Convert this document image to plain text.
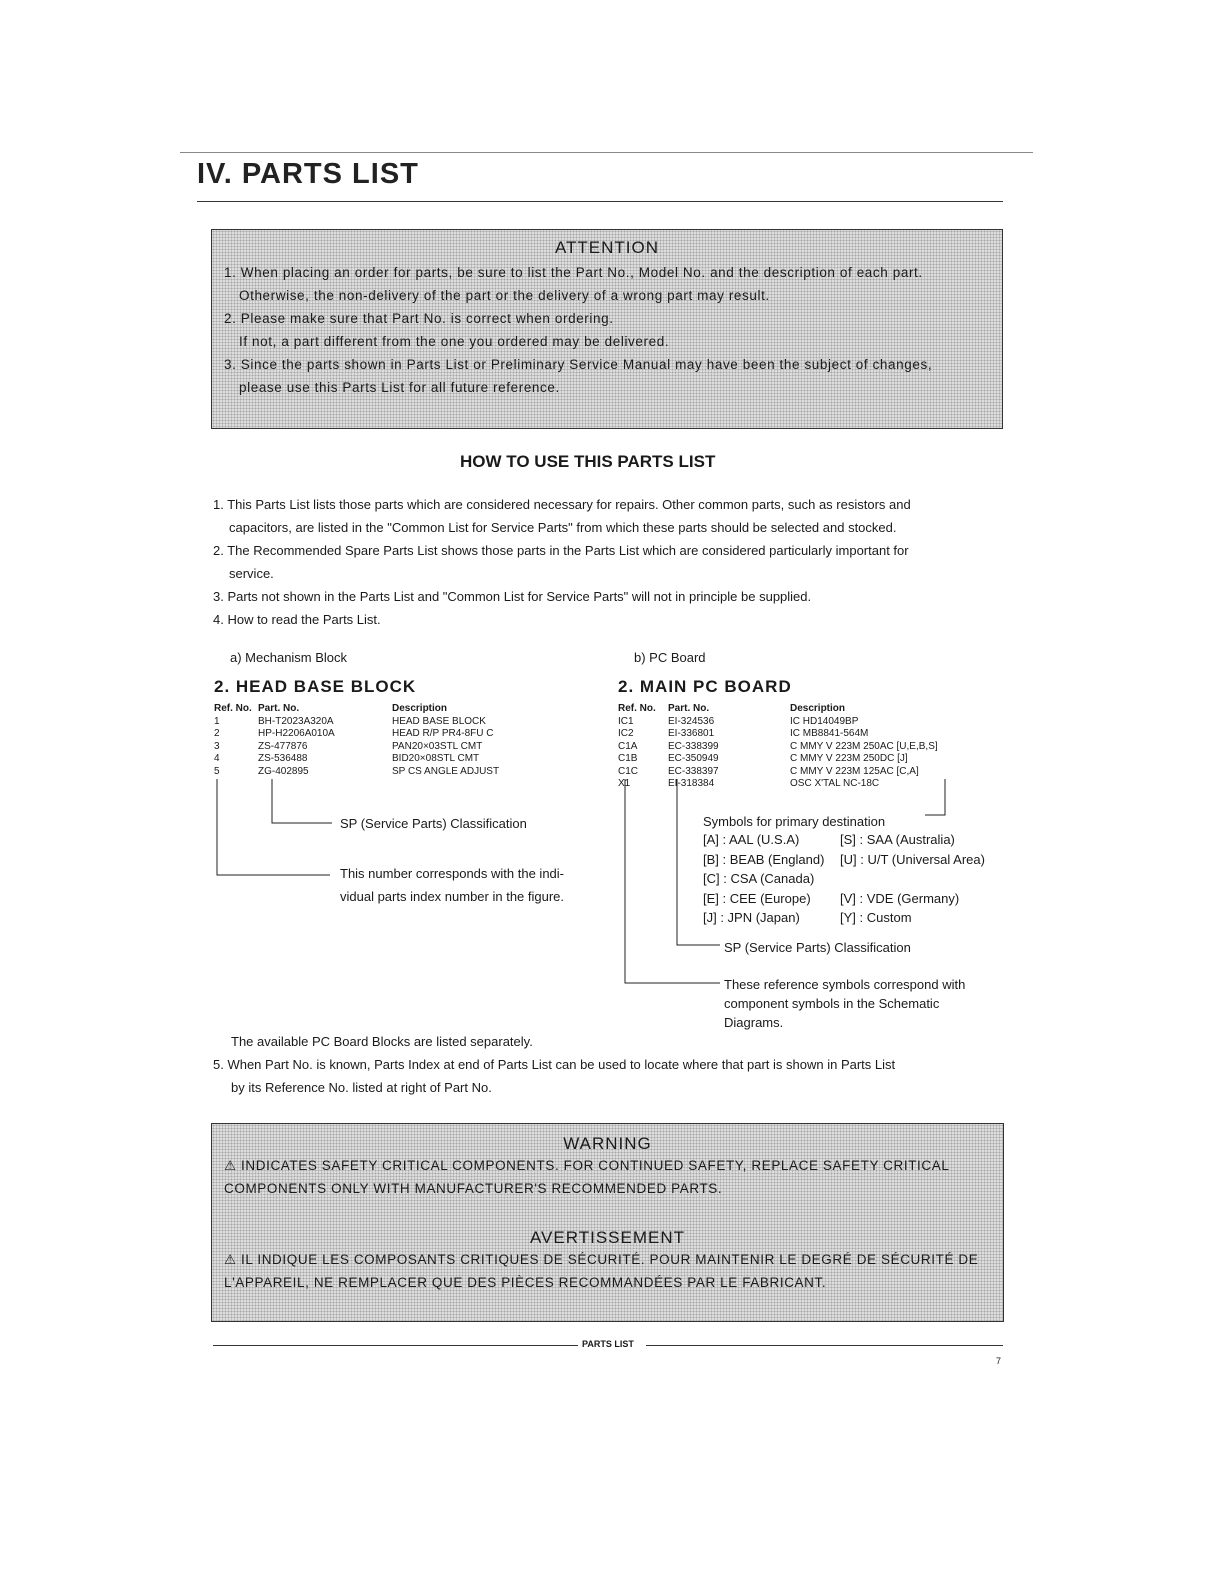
IV. PARTS LIST
ATTENTION
1. When placing an order for parts, be sure to list the Part No., Model No. and the description of each part.
Otherwise, the non-delivery of the part or the delivery of a wrong part may result.
2. Please make sure that Part No. is correct when ordering.
If not, a part different from the one you ordered may be delivered.
3. Since the parts shown in Parts List or Preliminary Service Manual may have been the subject of changes,
please use this Parts List for all future reference.
HOW TO USE THIS PARTS LIST
1. This Parts List lists those parts which are considered necessary for repairs. Other common parts, such as resistors and
capacitors, are listed in the "Common List for Service Parts" from which these parts should be selected and stocked.
2. The Recommended Spare Parts List shows those parts in the Parts List which are considered particularly important for
service.
3. Parts not shown in the Parts List and "Common List for Service Parts" will not in principle be supplied.
4. How to read the Parts List.
a) Mechanism Block	b) PC Board
2. HEAD BASE BLOCK
Ref. No. Part. No.	Description
1	BH-T2023A320A	HEAD BASE BLOCK
2	HP-H2206A010A	HEAD R/P PR4-8FU C
3	ZS-477876	PAN20×03STL CMT
4	ZS-536488	BID20×08STL CMT
5	ZG-402895	SP CS ANGLE ADJUST
SP (Service Parts) Classification
This number corresponds with the indi-
vidual parts index number in the figure.
2. MAIN PC BOARD
Ref. No.	Part. No.	Description
IC1	EI-324536	IC HD14049BP
IC2	EI-336801	IC MB8841-564M
C1A	EC-338399	C MMY V 223M 250AC [U,E,B,S]
C1B	EC-350949	C MMY V 223M 250DC [J]
C1C	EC-338397	C MMY V 223M 125AC [C,A]
X1	EI-318384	OSC X'TAL NC-18C
Symbols for primary destination
[A] : AAL (U.S.A)	[S] : SAA (Australia)
[B] : BEAB (England)	[U] : U/T (Universal Area)
[C] : CSA (Canada)
[E] : CEE (Europe)	[V] : VDE (Germany)
[J] : JPN (Japan)	[Y] : Custom
SP (Service Parts) Classification
These reference symbols correspond with
component symbols in the Schematic
Diagrams.
The available PC Board Blocks are listed separately.
5. When Part No. is known, Parts Index at end of Parts List can be used to locate where that part is shown in Parts List
by its Reference No. listed at right of Part No.
WARNING
⚠ INDICATES SAFETY CRITICAL COMPONENTS. FOR CONTINUED SAFETY, REPLACE SAFETY CRITICAL
COMPONENTS ONLY WITH MANUFACTURER'S RECOMMENDED PARTS.
AVERTISSEMENT
⚠ IL INDIQUE LES COMPOSANTS CRITIQUES DE SÉCURITÉ. POUR MAINTENIR LE DEGRÉ DE SÉCURITÉ DE
L'APPAREIL, NE REMPLACER QUE DES PIÈCES RECOMMANDÉES PAR LE FABRICANT.
PARTS LIST
7
